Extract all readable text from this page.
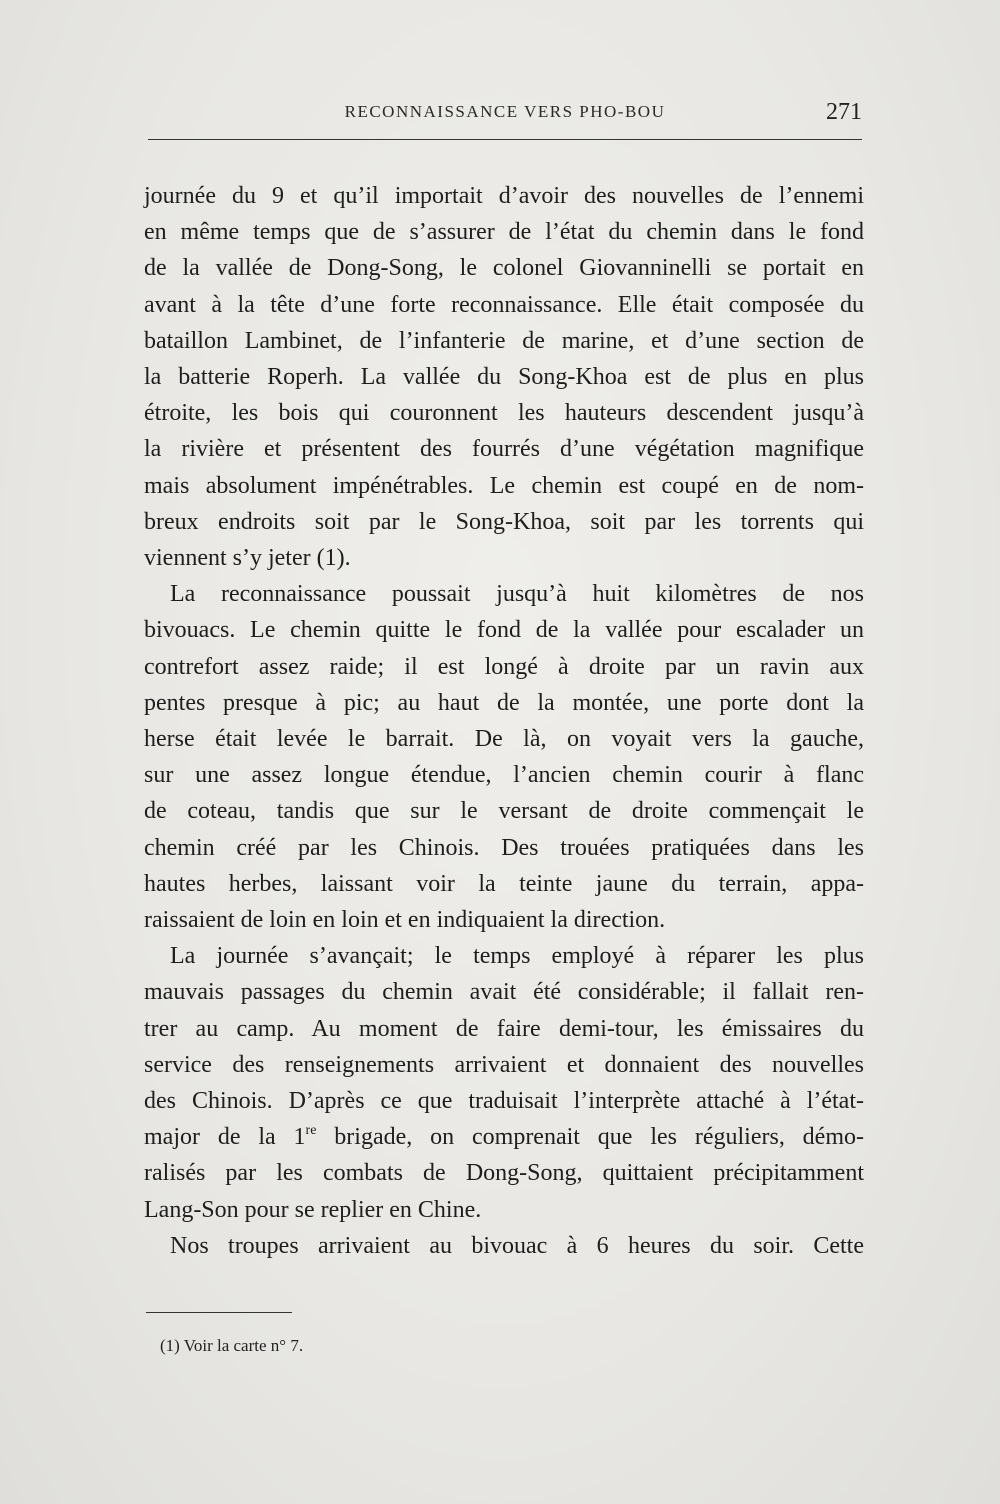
RECONNAISSANCE VERS PHO-BOU	271
journée du 9 et qu’il importait d’avoir des nouvelles de l’ennemi
en même temps que de s’assurer de l’état du chemin dans le fond
de la vallée de Dong-Song, le colonel Giovanninelli se portait en
avant à la tête d’une forte reconnaissance. Elle était composée du
bataillon Lambinet, de l’infanterie de marine, et d’une section de
la batterie Roperh. La vallée du Song-Khoa est de plus en plus
étroite, les bois qui couronnent les hauteurs descendent jusqu’à
la rivière et présentent des fourrés d’une végétation magnifique
mais absolument impénétrables. Le chemin est coupé en de nom-
breux endroits soit par le Song-Khoa, soit par les torrents qui
viennent s’y jeter (1).
La reconnaissance poussait jusqu’à huit kilomètres de nos
bivouacs. Le chemin quitte le fond de la vallée pour escalader un
contrefort assez raide; il est longé à droite par un ravin aux
pentes presque à pic; au haut de la montée, une porte dont la
herse était levée le barrait. De là, on voyait vers la gauche,
sur une assez longue étendue, l’ancien chemin courir à flanc
de coteau, tandis que sur le versant de droite commençait le
chemin créé par les Chinois. Des trouées pratiquées dans les
hautes herbes, laissant voir la teinte jaune du terrain, appa-
raissaient de loin en loin et en indiquaient la direction.
La journée s’avançait; le temps employé à réparer les plus
mauvais passages du chemin avait été considérable; il fallait ren-
trer au camp. Au moment de faire demi-tour, les émissaires du
service des renseignements arrivaient et donnaient des nouvelles
des Chinois. D’après ce que traduisait l’interprète attaché à l’état-
major de la 1re brigade, on comprenait que les réguliers, démo-
ralisés par les combats de Dong-Song, quittaient précipitamment
Lang-Son pour se replier en Chine.
Nos troupes arrivaient au bivouac à 6 heures du soir. Cette
(1) Voir la carte n° 7.
